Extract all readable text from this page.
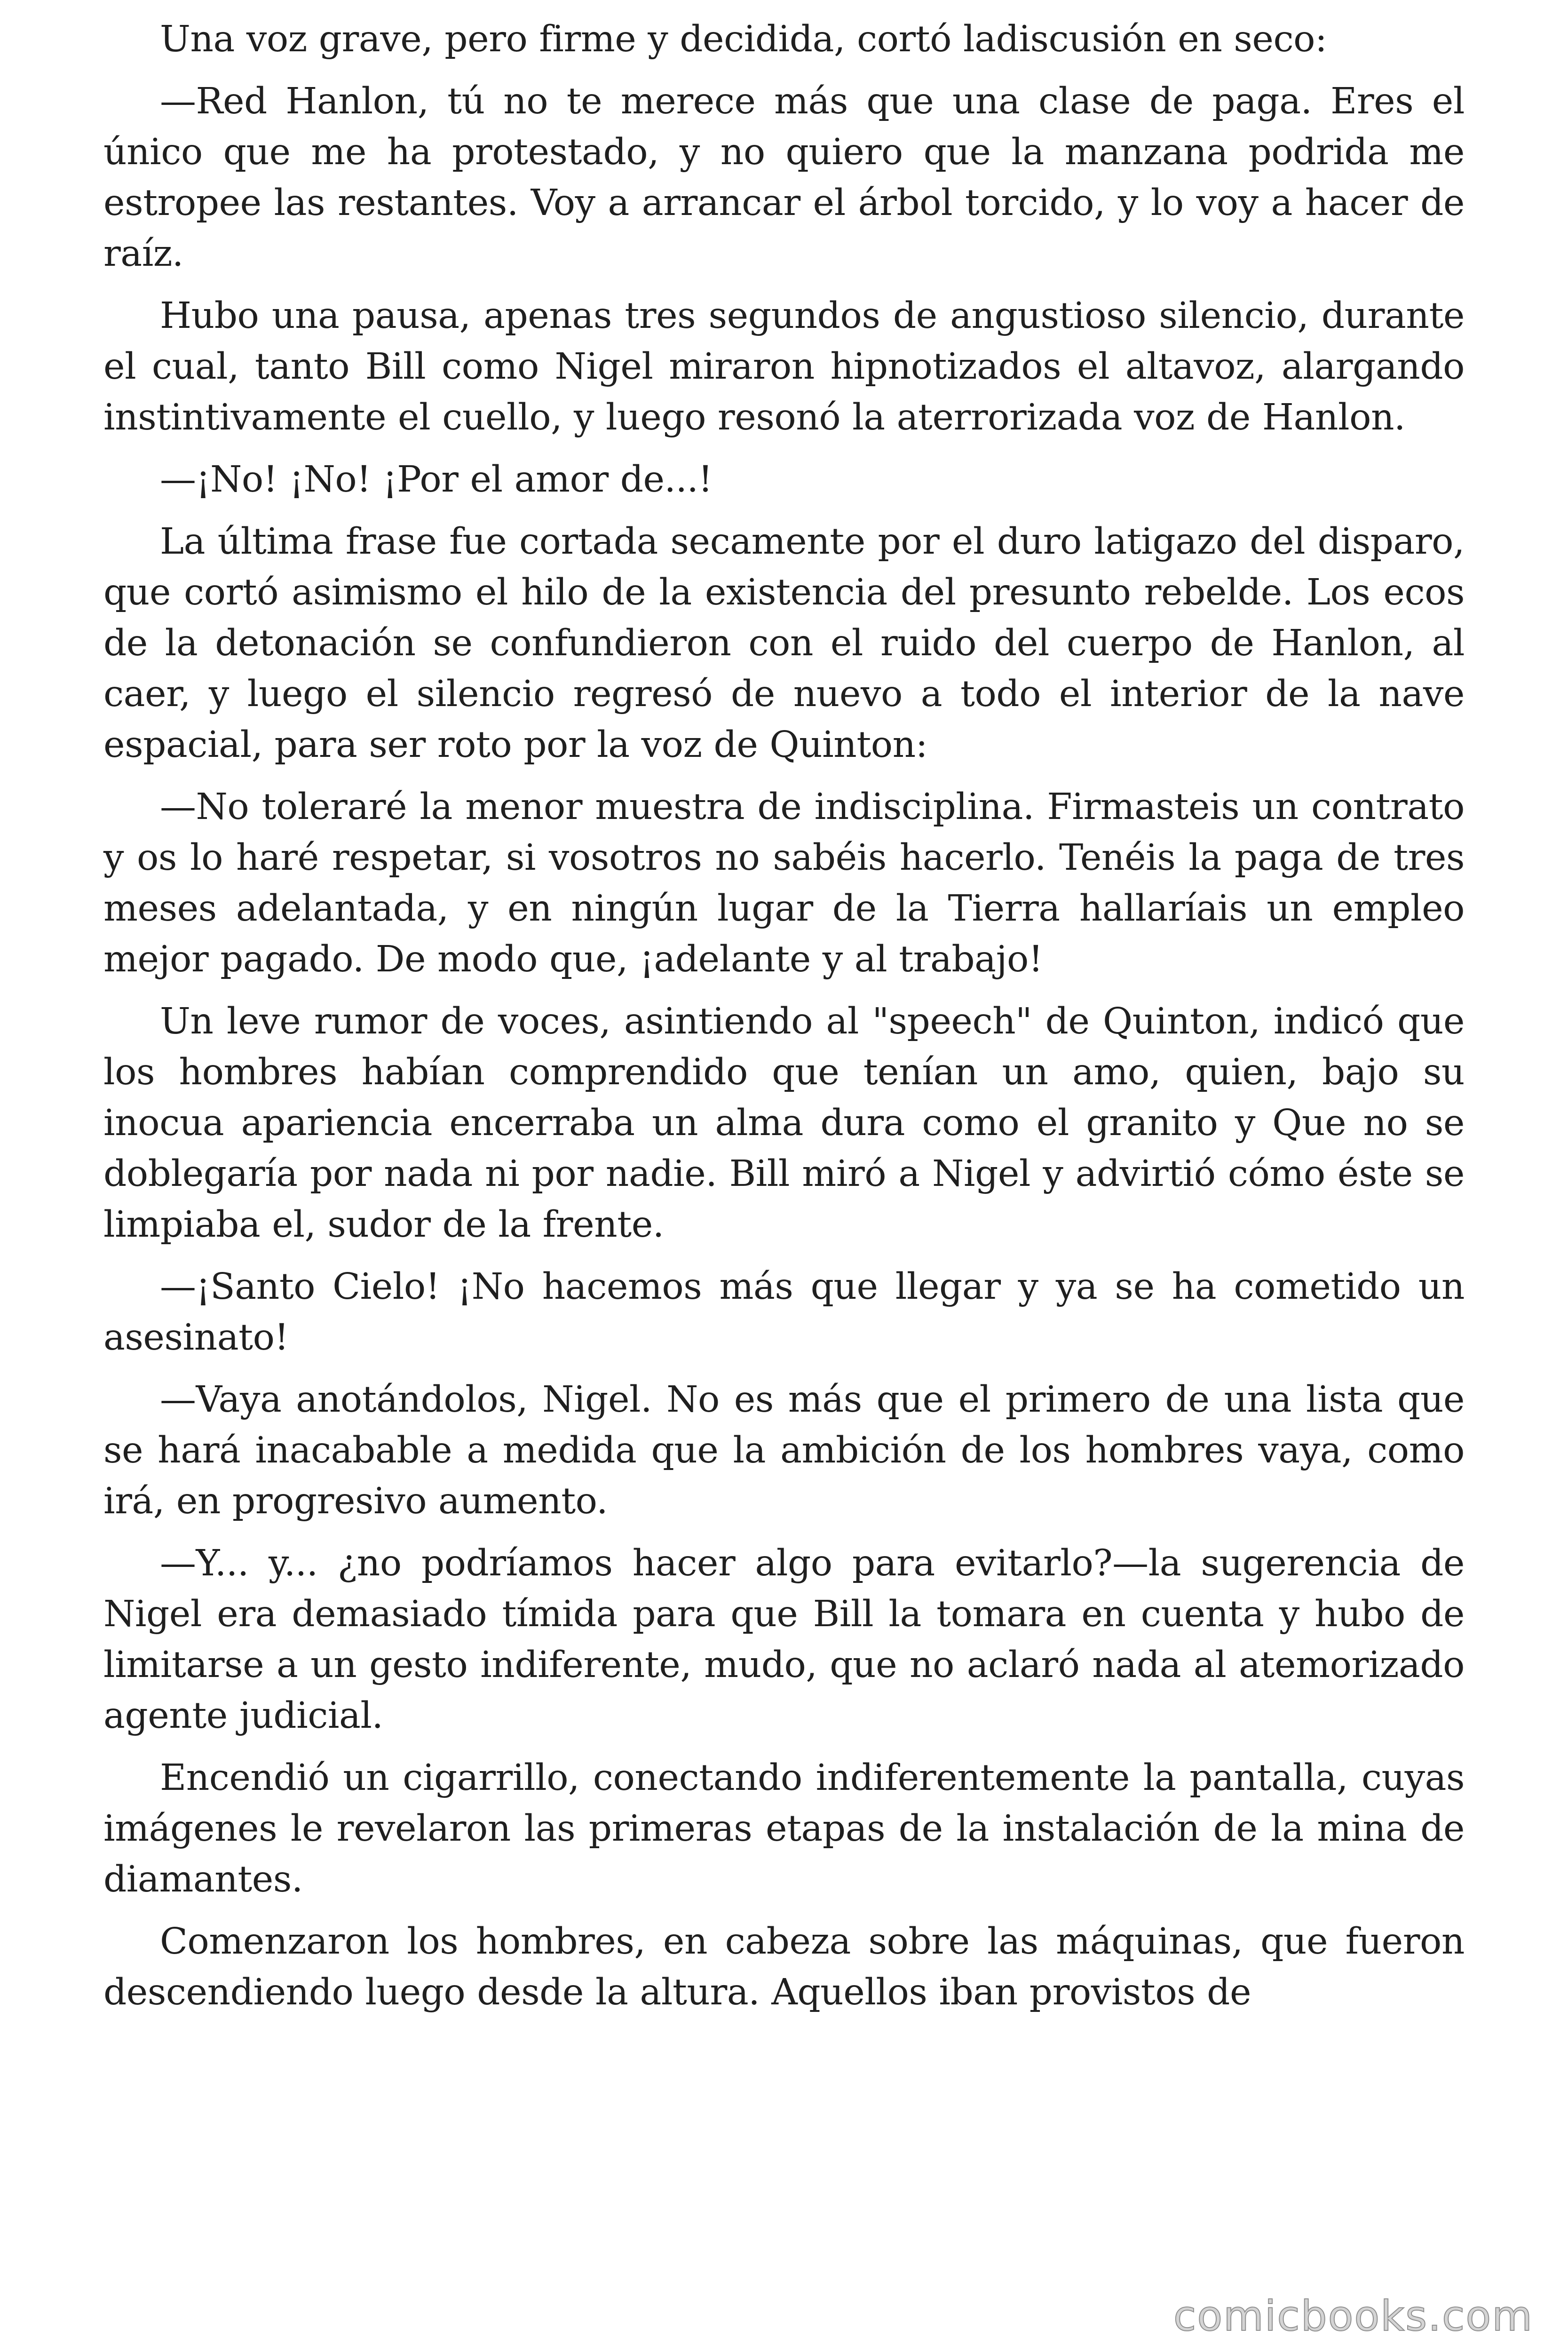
Una voz grave, pero firme y decidida, cortó ladiscusión en seco:

—Red Hanlon, tú no te merece más que una clase de paga. Eres el único que me ha protestado, y no quiero que la manzana podrida me estropee las restantes. Voy a arrancar el árbol torcido, y lo voy a hacer de raíz.

Hubo una pausa, apenas tres segundos de angustioso silencio, durante el cual, tanto Bill como Nigel miraron hipnotizados el altavoz, alargando instintivamente el cuello, y luego resonó la aterrorizada voz de Hanlon.

—¡No! ¡No! ¡Por el amor de...!

La última frase fue cortada secamente por el duro latigazo del disparo, que cortó asimismo el hilo de la existencia del presunto rebelde. Los ecos de la detonación se confundieron con el ruido del cuerpo de Hanlon, al caer, y luego el silencio regresó de nuevo a todo el interior de la nave espacial, para ser roto por la voz de Quinton:

—No toleraré la menor muestra de indisciplina. Firmasteis un contrato y os lo haré respetar, si vosotros no sabéis hacerlo. Tenéis la paga de tres meses adelantada, y en ningún lugar de la Tierra hallaríais un empleo mejor pagado. De modo que, ¡adelante y al trabajo!

Un leve rumor de voces, asintiendo al "speech" de Quinton, indicó que los hombres habían comprendido que tenían un amo, quien, bajo su inocua apariencia encerraba un alma dura como el granito y Que no se doblegaría por nada ni por nadie. Bill miró a Nigel y advirtió cómo éste se limpiaba el, sudor de la frente.

—¡Santo Cielo! ¡No hacemos más que llegar y ya se ha cometido un asesinato!

—Vaya anotándolos, Nigel. No es más que el primero de una lista que se hará inacabable a medida que la ambición de los hombres vaya, como irá, en progresivo aumento.

—Y... y... ¿no podríamos hacer algo para evitarlo?—la sugerencia de Nigel era demasiado tímida para que Bill la tomara en cuenta y hubo de limitarse a un gesto indiferente, mudo, que no aclaró nada al atemorizado agente judicial.

Encendió un cigarrillo, conectando indiferentemente la pantalla, cuyas imágenes le revelaron las primeras etapas de la instalación de la mina de diamantes.

Comenzaron los hombres, en cabeza sobre las máquinas, que fueron descendiendo luego desde la altura. Aquellos iban provistos de

comicbooks.com
